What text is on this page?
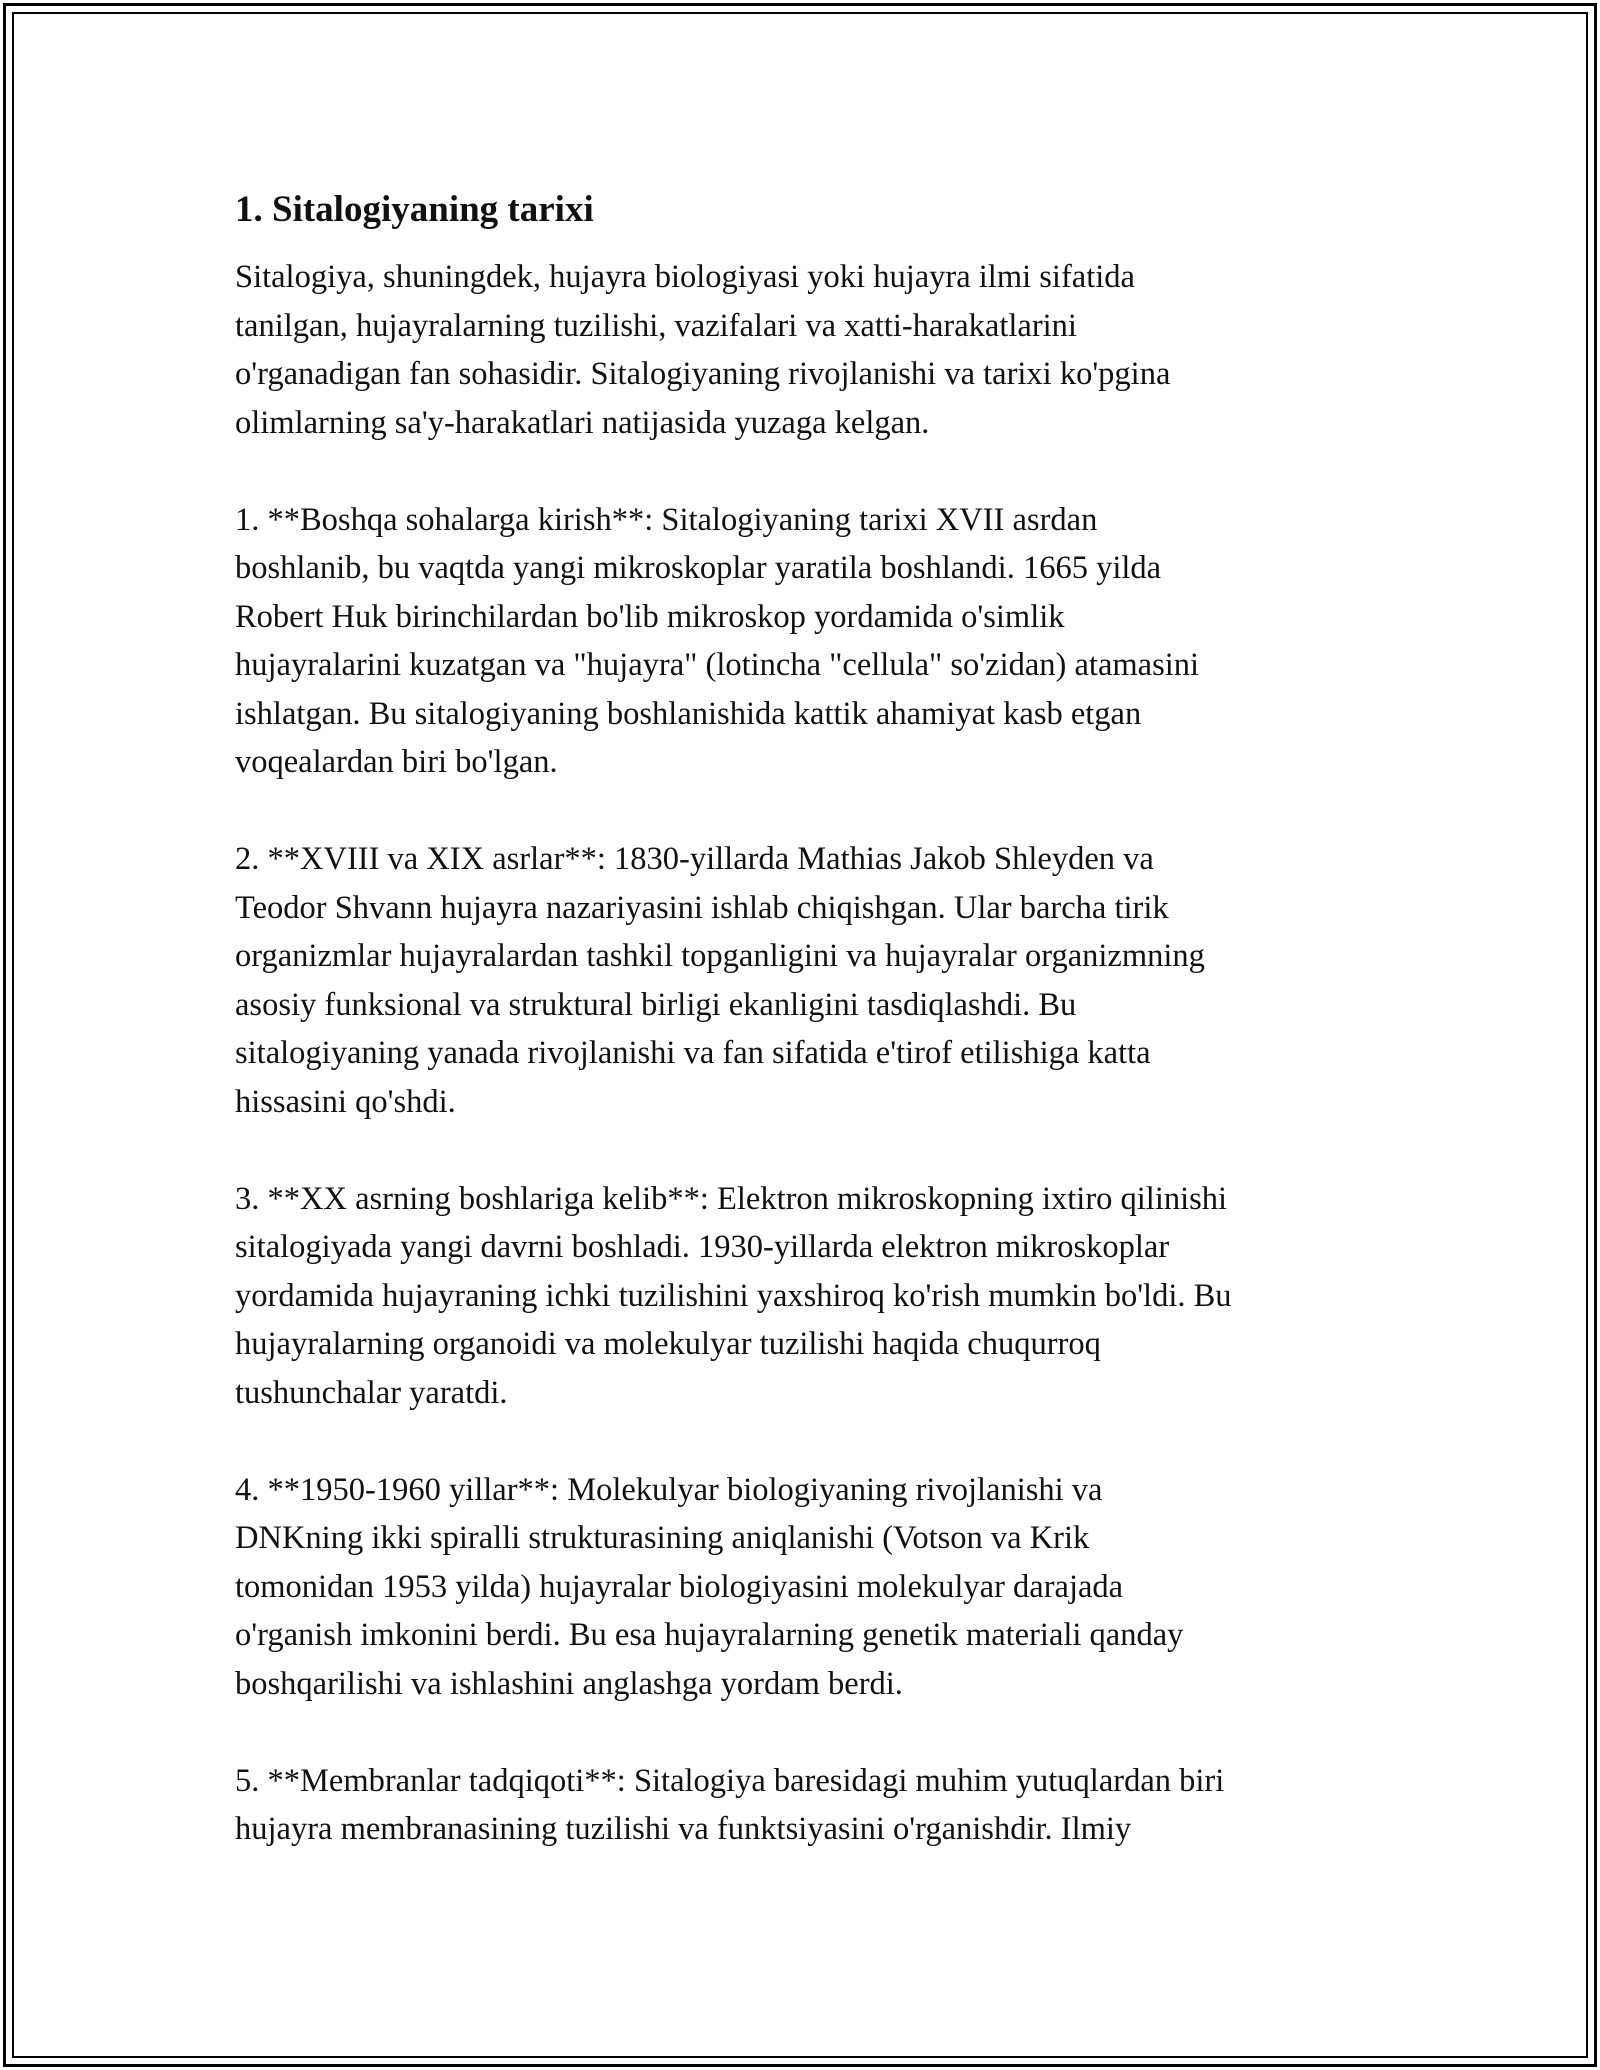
1. Sitalogiyaning tarixi
Sitalogiya, shuningdek, hujayra biologiyasi yoki hujayra ilmi sifatida
tanilgan, hujayralarning tuzilishi, vazifalari va xatti-harakatlarini
o'rganadigan fan sohasidir. Sitalogiyaning rivojlanishi va tarixi ko'pgina
olimlarning sa'y-harakatlari natijasida yuzaga kelgan.
1. **Boshqa sohalarga kirish**: Sitalogiyaning tarixi XVII asrdan
boshlanib, bu vaqtda yangi mikroskoplar yaratila boshlandi. 1665 yilda
Robert Huk birinchilardan bo'lib mikroskop yordamida o'simlik
hujayralarini kuzatgan va "hujayra" (lotincha "cellula" so'zidan) atamasini
ishlatgan. Bu sitalogiyaning boshlanishida kattik ahamiyat kasb etgan
voqealardan biri bo'lgan.
2. **XVIII va XIX asrlar**: 1830-yillarda Mathias Jakob Shleyden va
Teodor Shvann hujayra nazariyasini ishlab chiqishgan. Ular barcha tirik
organizmlar hujayralardan tashkil topganligini va hujayralar organizmning
asosiy funksional va struktural birligi ekanligini tasdiqlashdi. Bu
sitalogiyaning yanada rivojlanishi va fan sifatida e'tirof etilishiga katta
hissasini qo'shdi.
3. **XX asrning boshlariga kelib**: Elektron mikroskopning ixtiro qilinishi
sitalogiyada yangi davrni boshladi. 1930-yillarda elektron mikroskoplar
yordamida hujayraning ichki tuzilishini yaxshiroq ko'rish mumkin bo'ldi. Bu
hujayralarning organoidi va molekulyar tuzilishi haqida chuqurroq
tushunchalar yaratdi.
4. **1950-1960 yillar**: Molekulyar biologiyaning rivojlanishi va
DNKning ikki spiralli strukturasining aniqlanishi (Votson va Krik
tomonidan 1953 yilda) hujayralar biologiyasini molekulyar darajada
o'rganish imkonini berdi. Bu esa hujayralarning genetik materiali qanday
boshqarilishi va ishlashini anglashga yordam berdi.
5. **Membranlar tadqiqoti**: Sitalogiya baresidagi muhim yutuqlardan biri
hujayra membranasining tuzilishi va funktsiyasini o'rganishdir. Ilmiy
